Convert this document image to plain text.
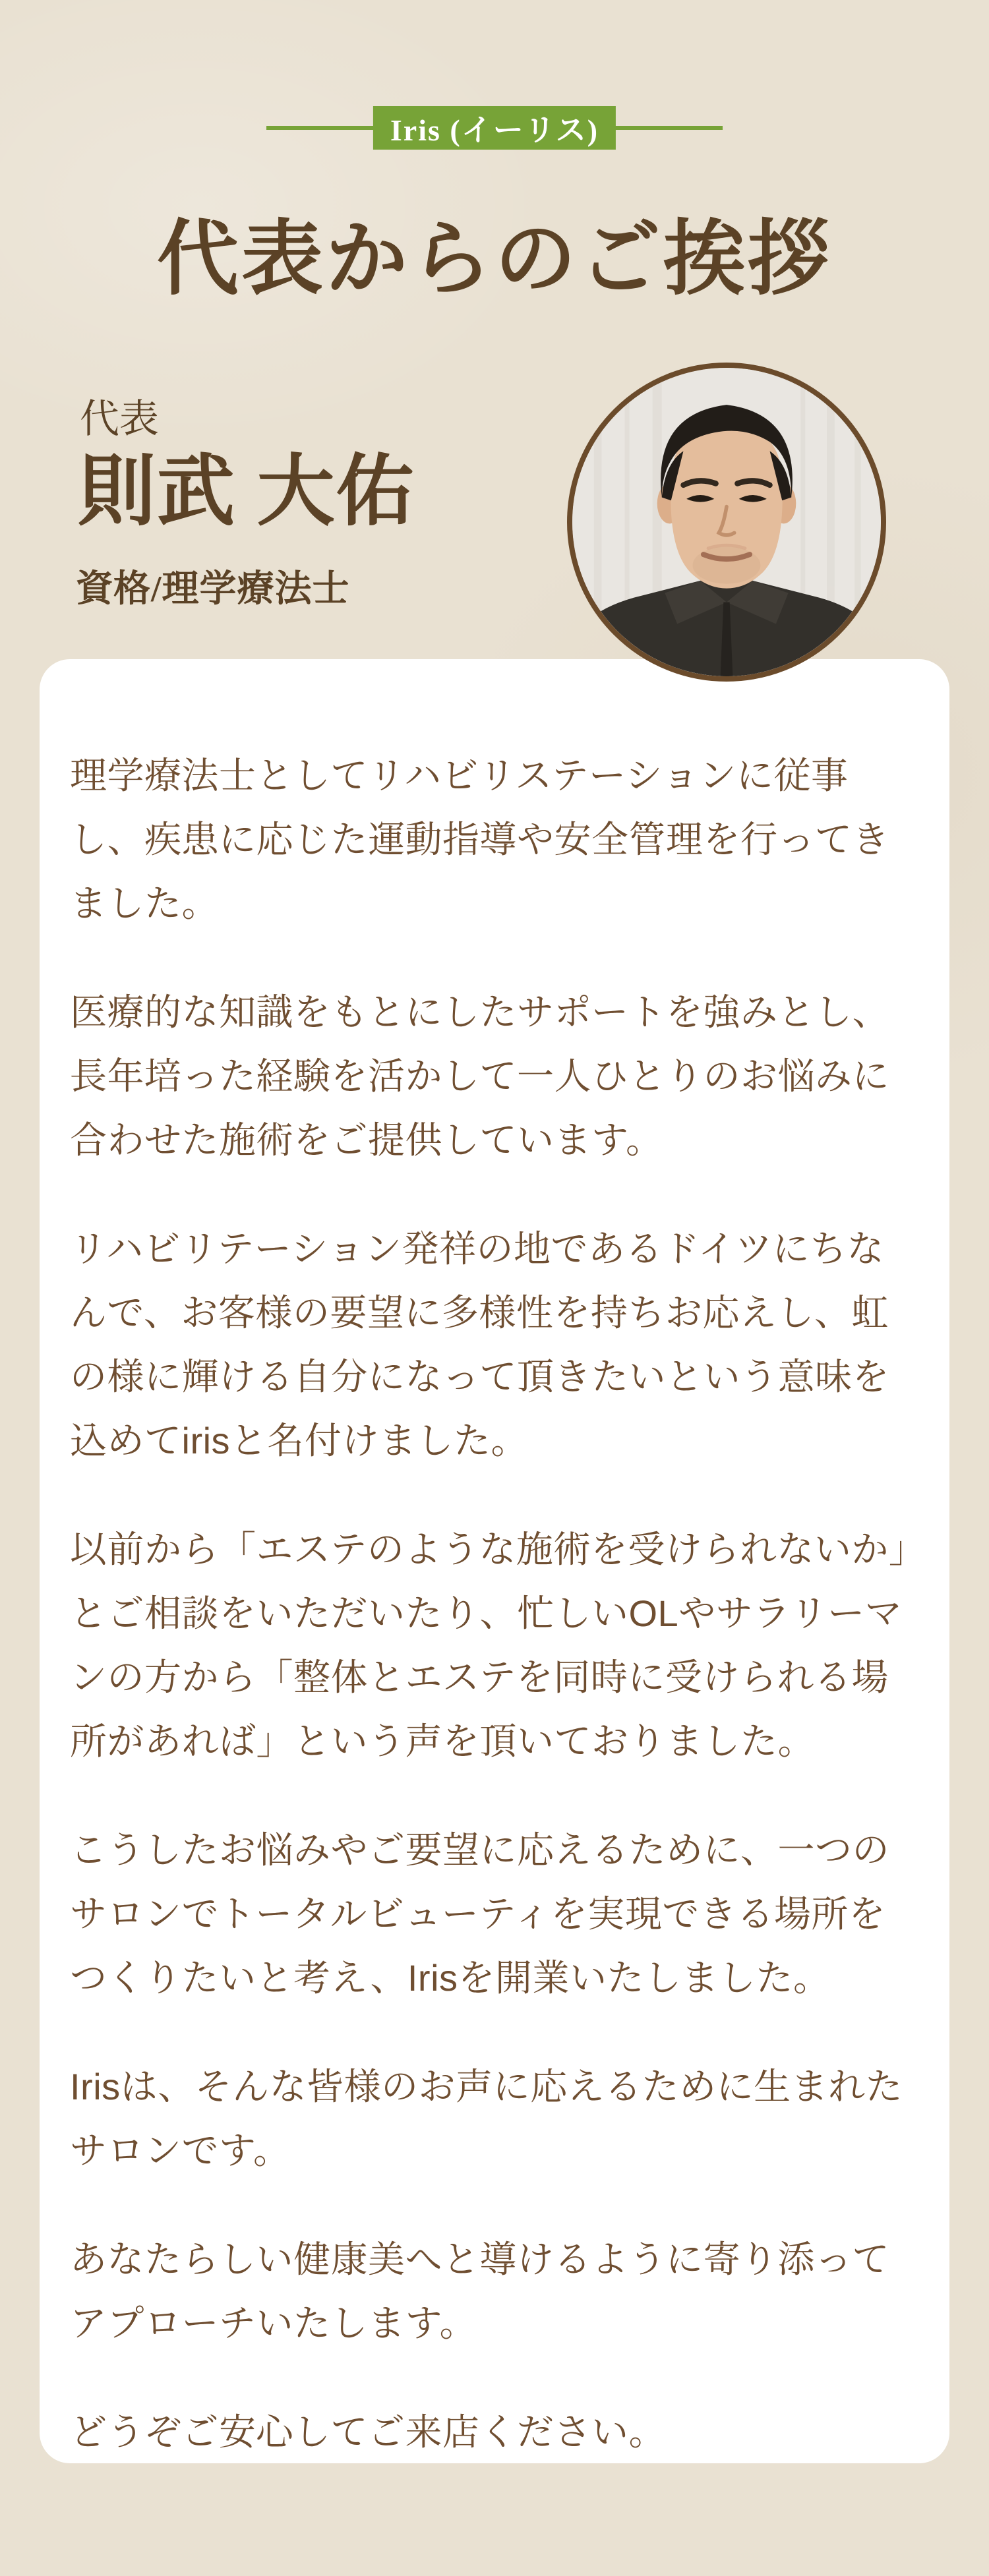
Iris (イーリス)
代表からのご挨拶
代表
則武 大佑
資格/理学療法士

理学療法士としてリハビリステーションに従事し、疾患に応じた運動指導や安全管理を行ってきました。

医療的な知識をもとにしたサポートを強みとし、長年培った経験を活かして一人ひとりのお悩みに合わせた施術をご提供しています。

リハビリテーション発祥の地であるドイツにちなんで、お客様の要望に多様性を持ちお応えし、虹の様に輝ける自分になって頂きたいという意味を込めてirisと名付けました。

以前から「エステのような施術を受けられないか」とご相談をいただいたり、忙しいOLやサラリーマンの方から「整体とエステを同時に受けられる場所があれば」という声を頂いておりました。

こうしたお悩みやご要望に応えるために、一つのサロンでトータルビューティを実現できる場所をつくりたいと考え、Irisを開業いたしました。

Irisは、そんな皆様のお声に応えるために生まれたサロンです。

あなたらしい健康美へと導けるように寄り添ってアプローチいたします。

どうぞご安心してご来店ください。
